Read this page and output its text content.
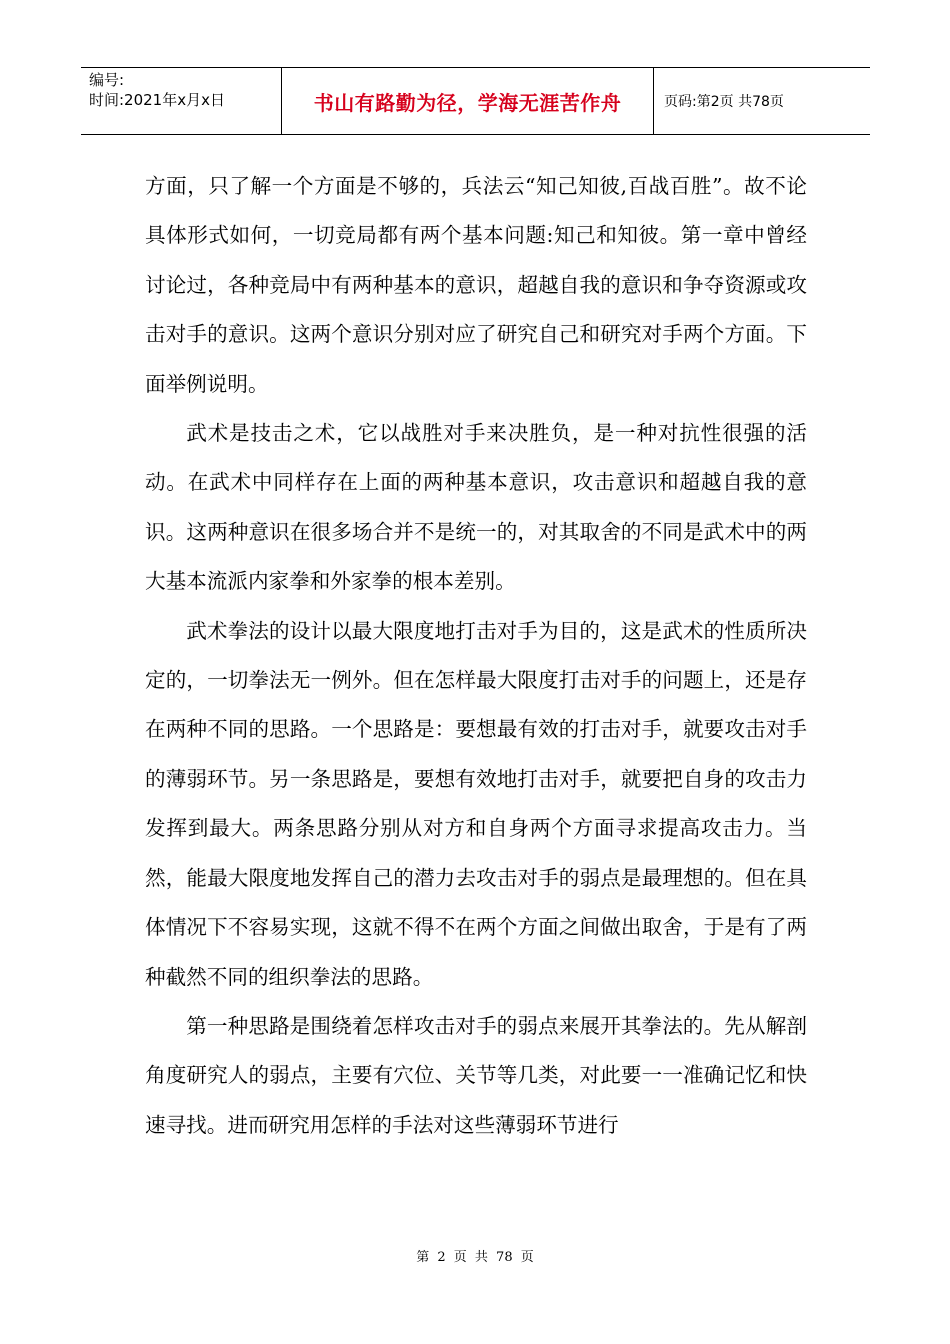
编号:
时间:2021年x月x日	书山有路勤为径，学海无涯苦作舟	页码:第2页 共78页

方面，只了解一个方面是不够的，兵法云“知己知彼,百战百胜”。故不论具体形式如何，一切竞局都有两个基本问题:知己和知彼。第一章中曾经讨论过，各种竞局中有两种基本的意识，超越自我的意识和争夺资源或攻击对手的意识。这两个意识分别对应了研究自己和研究对手两个方面。下面举例说明。

武术是技击之术，它以战胜对手来决胜负，是一种对抗性很强的活动。在武术中同样存在上面的两种基本意识，攻击意识和超越自我的意识。这两种意识在很多场合并不是统一的，对其取舍的不同是武术中的两大基本流派内家拳和外家拳的根本差别。

武术拳法的设计以最大限度地打击对手为目的，这是武术的性质所决定的，一切拳法无一例外。但在怎样最大限度打击对手的问题上，还是存在两种不同的思路。一个思路是：要想最有效的打击对手，就要攻击对手的薄弱环节。另一条思路是，要想有效地打击对手，就要把自身的攻击力发挥到最大。两条思路分别从对方和自身两个方面寻求提高攻击力。当然，能最大限度地发挥自己的潜力去攻击对手的弱点是最理想的。但在具体情况下不容易实现，这就不得不在两个方面之间做出取舍，于是有了两种截然不同的组织拳法的思路。

第一种思路是围绕着怎样攻击对手的弱点来展开其拳法的。先从解剖角度研究人的弱点，主要有穴位、关节等几类，对此要一一准确记忆和快速寻找。进而研究用怎样的手法对这些薄弱环节进行

第 2 页 共 78 页
